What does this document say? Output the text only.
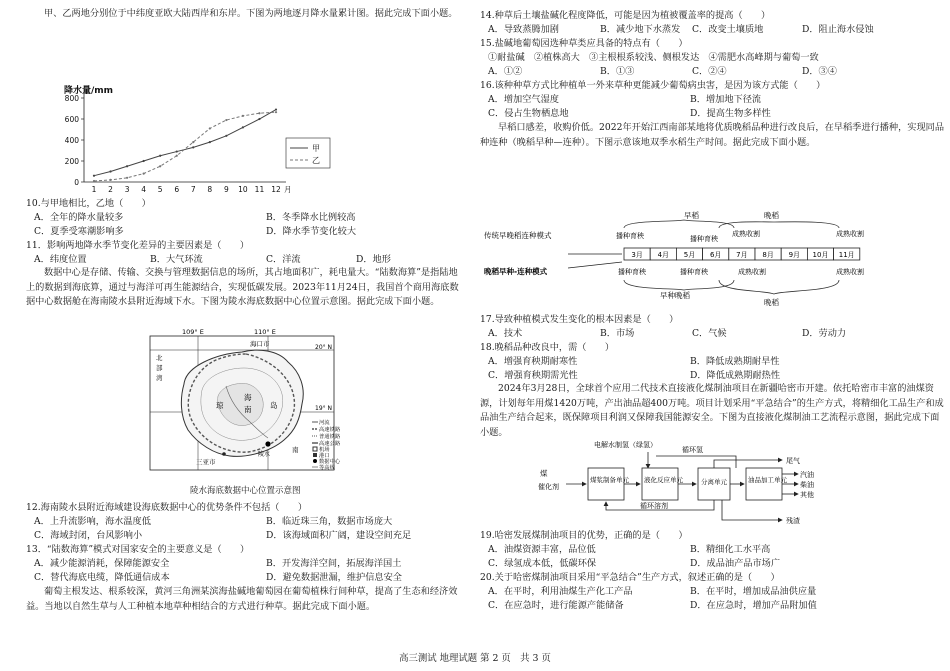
甲、乙两地分别位于中纬度亚欧大陆西岸和东岸。下图为两地逐月降水量累计图。据此完成下面小题。
降水量/mm
0
200
400
600
800
1 2 3 4 5 6 7 8 9 10 11 12 月
甲
乙
10.与甲地相比，乙地（　　）
A．全年的降水量较多	B．冬季降水比例较高
C．夏季受寒潮影响多	D．降水季节变化较大
11．影响两地降水季节变化差异的主要因素是（　　）
A．纬度位置	B．大气环流	C．洋流	D．地形
数据中心是存储、传输、交换与管理数据信息的场所，其占地面积广，耗电量大。“陆数海算”是指陆地上的数据到海底算，通过与海洋可再生能源结合，实现低碳发展。2023年11月24日，我国首个商用海底数据中心数据舱在海南陵水县附近海域下水。下图为陵水海底数据中心位置示意图。据此完成下面小题。
109° E	110° E
20° N
19° N
海口市
北
部
湾
海
南
琼	岛
三亚市
陵水
南
河流
高速铁路
普通铁路
高速公路
机场
港口
数据中心
等高线
陵水海底数据中心位置示意图
12.海南陵水县附近海域建设海底数据中心的优势条件不包括（　　）
A．上升流影响，海水温度低	B．临近珠三角，数据市场庞大
C．海域封闭，台风影响小	D．该海域面积广阔，建设空间充足
13．“陆数海算”模式对国家安全的主要意义是（　　）
A．减少能源消耗，保障能源安全	B．开发海洋空间，拓展海洋国土
C．替代海底电缆，降低通信成本	D．避免数据泄漏，维护信息安全
葡萄主根发达、根系较深，黄河三角洲某滨海盐碱地葡萄园在葡萄植株行间种草，提高了生态和经济效益。当地以自然生草与人工种植本地草种相结合的方式进行种草。据此完成下面小题。
14.种草后土壤盐碱化程度降低，可能是因为植被覆盖率的提高（　　）
A．导致蒸腾加剧	B．减少地下水蒸发 C．改变土壤质地	D．阻止海水侵蚀
15.盐碱地葡萄园选种草类应具备的特点有（　　）
①耐盐碱　②植株高大　③主根根系较浅、侧根发达　④需肥水高峰期与葡萄一致
A．①②	B．①③	C．②④	D．③④
16.该种种草方式比种植单一外来草种更能减少葡萄病虫害，是因为该方式能（　　）
A．增加空气湿度	B．增加地下径流
C．侵占生物栖息地	D．提高生物多样性
早稻口感差，收购价低。2022年开始江西南部某地将优质晚稻品种进行改良后，在早稻季进行播种，实现同品种连种（晚稻早种—连种）。下图示意该地双季水稻生产时间。据此完成下面小题。
早稻	晚稻
传统早晚稻连种模式	播种育秧	播种育秧
成熟收割	成熟收割
3月 4月 5月 6月 7月 8月 9月 10月 11月
晚稻早种-连种模式	播种育秧	播种育秧	成熟收割	成熟收割
早种晚稻
晚稻
17.导致种植模式发生变化的根本因素是（　　）
A．技术	B．市场	C．气候	D．劳动力
18.晚稻品种改良中，需（　　）
A．增强育秧期耐寒性	B．降低成熟期耐旱性
C．增强育秧期需光性	D．降低成熟期耐热性
2024年3月28日，全球首个应用二代技术直接液化煤制油项目在新疆哈密市开建。依托哈密市丰富的油煤资源，计划每年用煤1420万吨，产出油品超400万吨。项目计划采用“平急结合”的生产方式，将精细化工品生产和成品油生产结合起来，既保障项目利润又保障我国能源安全。下图为直接液化煤制油工艺流程示意图，据此完成下面小题。
电解水制氢（绿氢）
循环氢
煤
催化剂
煤浆制备单元 液化反应单元	分离单元	油品加工单元
尾气
汽油
柴油
其他
循环溶剂
残渣
19.哈密发展煤制油项目的优势，正确的是（　　）
A．油煤资源丰富，品位低	B．精细化工水平高
C．绿氢成本低，低碳环保	D．成品油产品市场广
20.关于哈密煤制油项目采用“平急结合”生产方式，叙述正确的是（　　）
A．在平时，利用油煤生产化工产品	B．在平时，增加成品油供应量
C．在应急时，进行能源产能储备	D．在应急时，增加产品附加值
高三测试 地理试题 第 2 页　共 3 页
